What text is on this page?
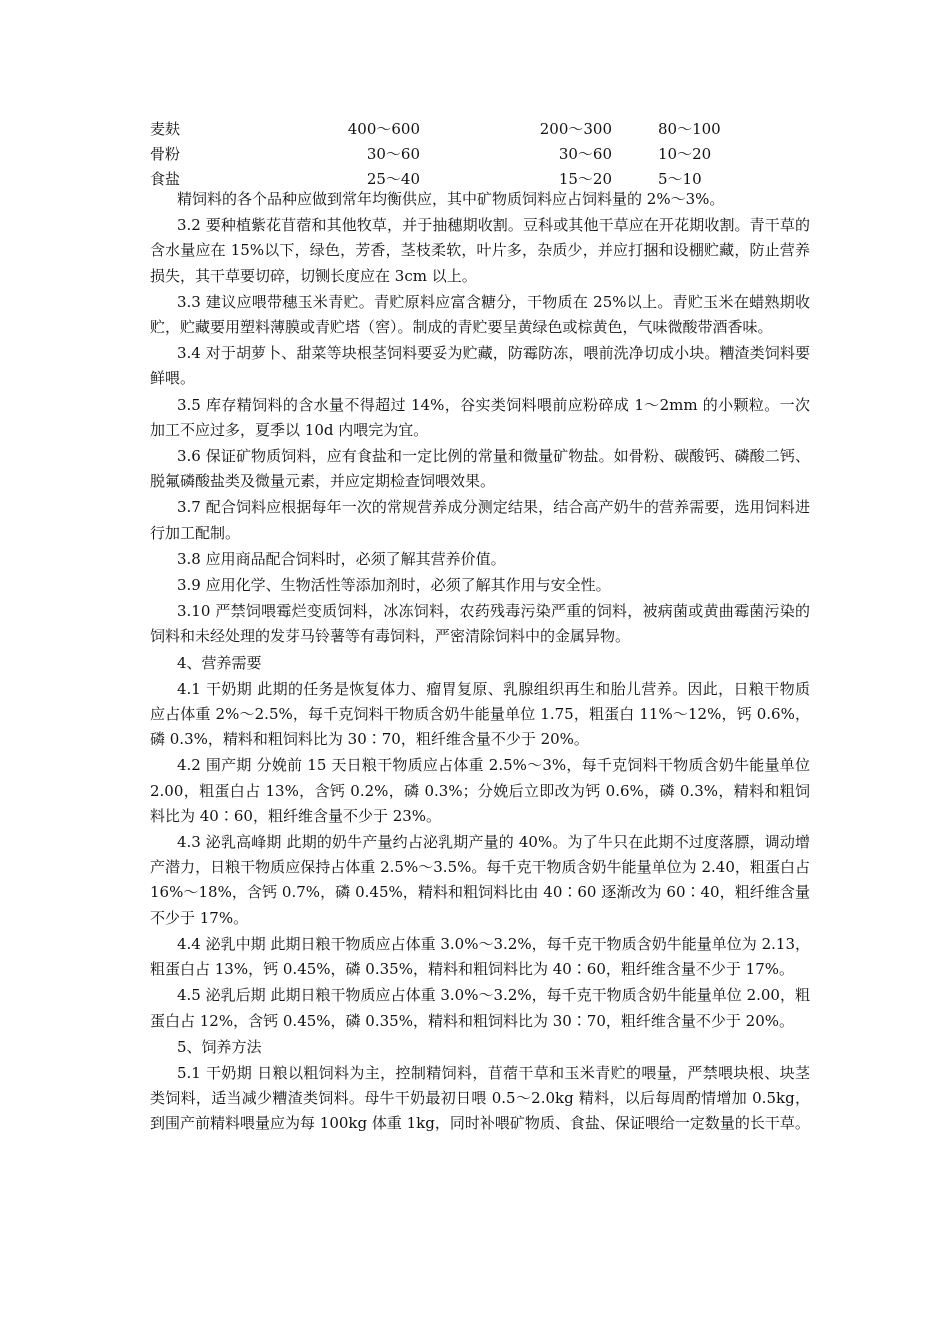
麦麸	400～600	200～300	80～100
骨粉	30～60	30～60	10～20
食盐	25～40	15～20	5～10

精饲料的各个品种应做到常年均衡供应，其中矿物质饲料应占饲料量的 2%～3%。

3.2 要种植紫花苜蓿和其他牧草，并于抽穗期收割。豆科或其他干草应在开花期收割。青干草的含水量应在 15%以下，绿色，芳香，茎枝柔软，叶片多，杂质少，并应打捆和设棚贮藏，防止营养损失，其干草要切碎，切铡长度应在 3cm 以上。

3.3 建议应喂带穗玉米青贮。青贮原料应富含糖分，干物质在 25%以上。青贮玉米在蜡熟期收贮，贮藏要用塑料薄膜或青贮塔（窖）。制成的青贮要呈黄绿色或棕黄色，气味微酸带酒香味。

3.4 对于胡萝卜、甜菜等块根茎饲料要妥为贮藏，防霉防冻，喂前洗净切成小块。糟渣类饲料要鲜喂。

3.5 库存精饲料的含水量不得超过 14%，谷实类饲料喂前应粉碎成 1～2mm 的小颗粒。一次加工不应过多，夏季以 10d 内喂完为宜。

3.6 保证矿物质饲料，应有食盐和一定比例的常量和微量矿物盐。如骨粉、碳酸钙、磷酸二钙、脱氟磷酸盐类及微量元素，并应定期检查饲喂效果。

3.7 配合饲料应根据每年一次的常规营养成分测定结果，结合高产奶牛的营养需要，选用饲料进行加工配制。

3.8 应用商品配合饲料时，必须了解其营养价值。

3.9 应用化学、生物活性等添加剂时，必须了解其作用与安全性。

3.10 严禁饲喂霉烂变质饲料，冰冻饲料，农药残毒污染严重的饲料，被病菌或黄曲霉菌污染的饲料和未经处理的发芽马铃薯等有毒饲料，严密清除饲料中的金属异物。

4、营养需要

4.1 干奶期 此期的任务是恢复体力、瘤胃复原、乳腺组织再生和胎儿营养。因此，日粮干物质应占体重 2%～2.5%，每千克饲料干物质含奶牛能量单位 1.75，粗蛋白 11%～12%，钙 0.6%，磷 0.3%，精料和粗饲料比为 30∶70，粗纤维含量不少于 20%。

4.2 围产期 分娩前 15 天日粮干物质应占体重 2.5%～3%，每千克饲料干物质含奶牛能量单位 2.00，粗蛋白占 13%，含钙 0.2%，磷 0.3%；分娩后立即改为钙 0.6%，磷 0.3%，精料和粗饲料比为 40∶60，粗纤维含量不少于 23%。

4.3 泌乳高峰期 此期的奶牛产量约占泌乳期产量的 40%。为了牛只在此期不过度落膘，调动增产潜力，日粮干物质应保持占体重 2.5%～3.5%。每千克干物质含奶牛能量单位为 2.40，粗蛋白占 16%～18%，含钙 0.7%，磷 0.45%，精料和粗饲料比由 40∶60 逐渐改为 60∶40，粗纤维含量不少于 17%。

4.4 泌乳中期 此期日粮干物质应占体重 3.0%～3.2%，每千克干物质含奶牛能量单位为 2.13，粗蛋白占 13%，钙 0.45%，磷 0.35%，精料和粗饲料比为 40∶60，粗纤维含量不少于 17%。

4.5 泌乳后期 此期日粮干物质应占体重 3.0%～3.2%，每千克干物质含奶牛能量单位 2.00，粗蛋白占 12%，含钙 0.45%，磷 0.35%，精料和粗饲料比为 30∶70，粗纤维含量不少于 20%。

5、饲养方法

5.1 干奶期 日粮以粗饲料为主，控制精饲料，苜蓿干草和玉米青贮的喂量，严禁喂块根、块茎类饲料，适当减少糟渣类饲料。母牛干奶最初日喂 0.5～2.0kg 精料，以后每周酌情增加 0.5kg，到围产前精料喂量应为每 100kg 体重 1kg，同时补喂矿物质、食盐、保证喂给一定数量的长干草。
